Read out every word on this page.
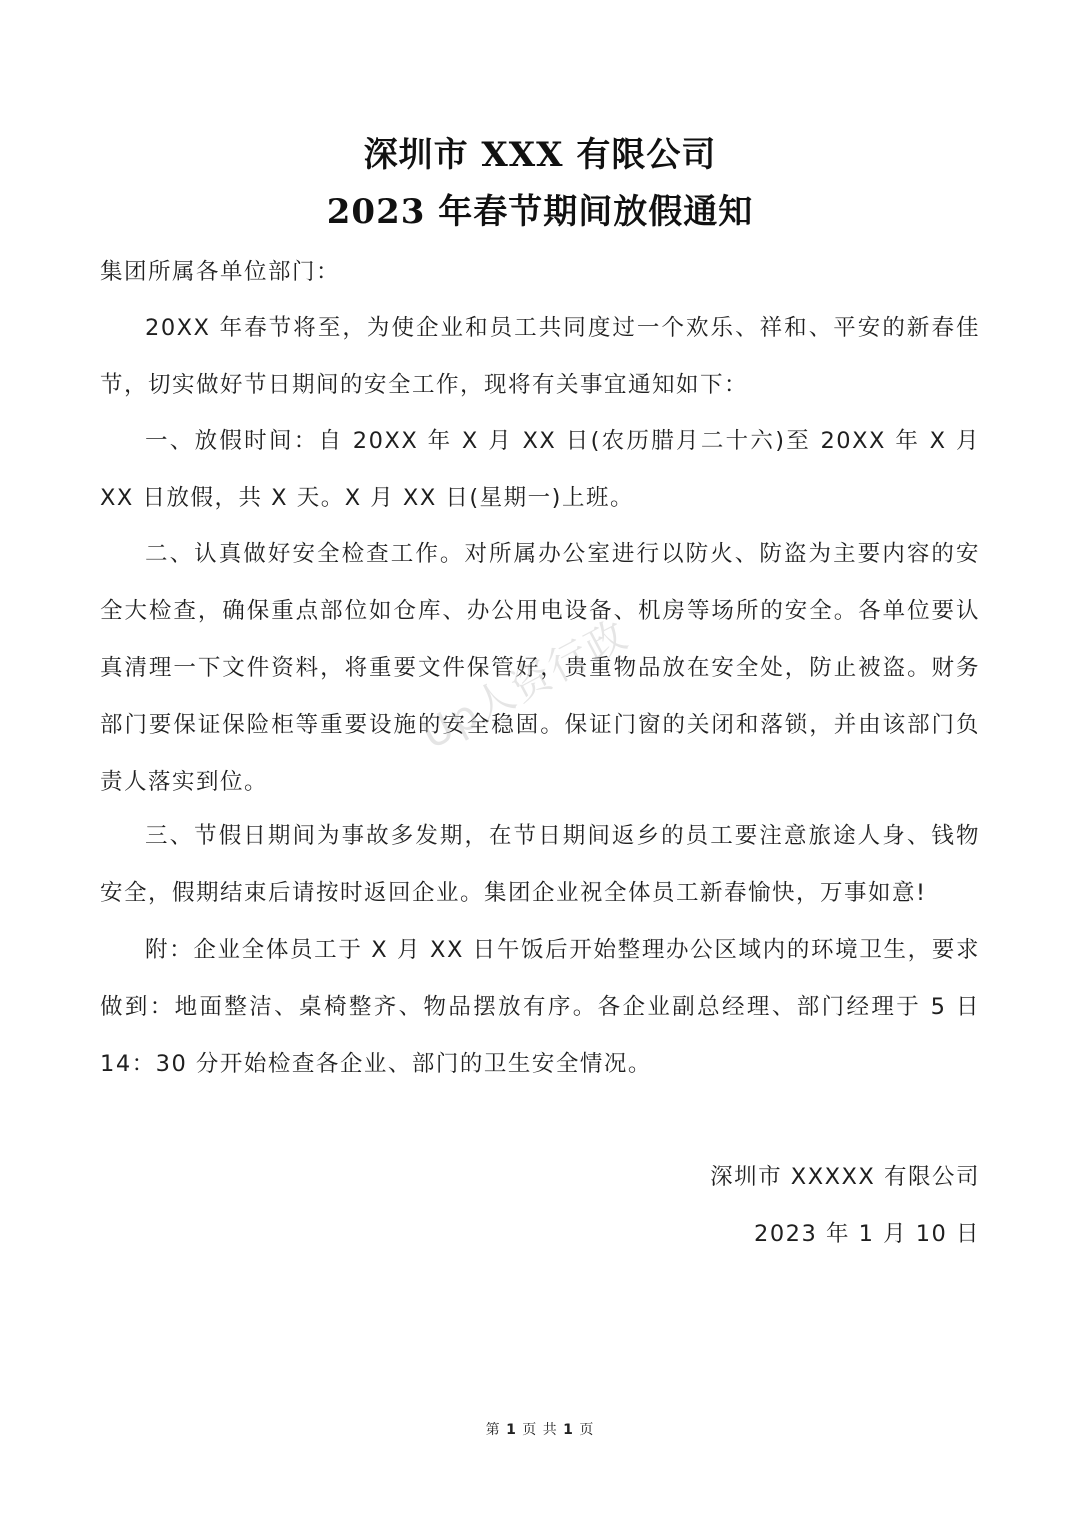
深圳市 XXX 有限公司
2023 年春节期间放假通知
集团所属各单位部门：
20XX 年春节将至，为使企业和员工共同度过一个欢乐、祥和、平安的新春佳节，切实做好节日期间的安全工作，现将有关事宜通知如下：
一、放假时间：自 20XX 年 X 月 XX 日(农历腊月二十六)至 20XX 年 X 月 XX 日放假，共 X 天。X 月 XX 日(星期一)上班。
二、认真做好安全检查工作。对所属办公室进行以防火、防盗为主要内容的安全大检查，确保重点部位如仓库、办公用电设备、机房等场所的安全。各单位要认真清理一下文件资料，将重要文件保管好，贵重物品放在安全处，防止被盗。财务部门要保证保险柜等重要设施的安全稳固。保证门窗的关闭和落锁，并由该部门负责人落实到位。
三、节假日期间为事故多发期，在节日期间返乡的员工要注意旅途人身、钱物安全，假期结束后请按时返回企业。集团企业祝全体员工新春愉快，万事如意!
附：企业全体员工于 X 月 XX 日午饭后开始整理办公区域内的环境卫生，要求做到：地面整洁、桌椅整齐、物品摆放有序。各企业副总经理、部门经理于 5 日 14：30 分开始检查各企业、部门的卫生安全情况。
深圳市 XXXXX 有限公司
2023 年 1 月 10 日
Up人资行政
第 1 页 共 1 页
